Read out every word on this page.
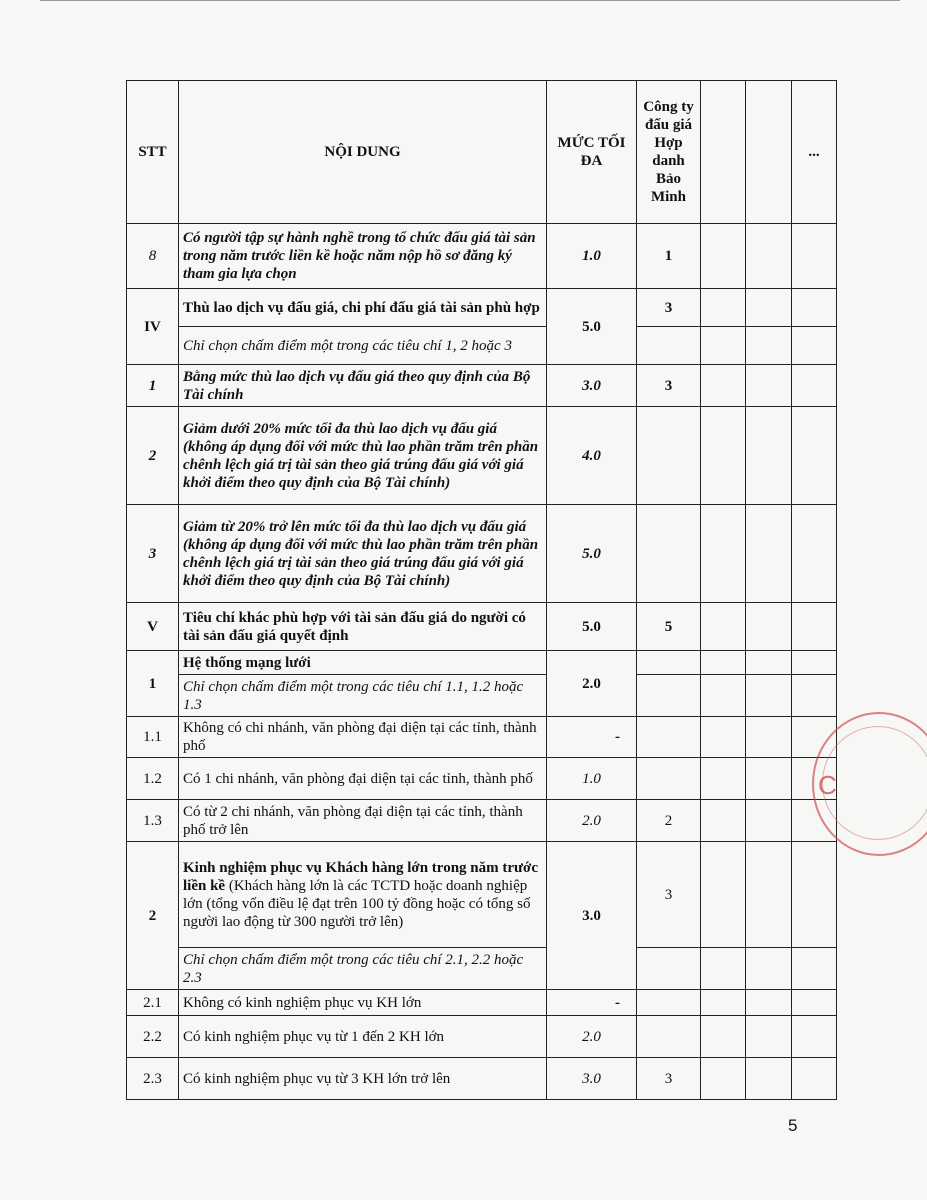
STT	NỘI DUNG	MỨC TỐI ĐA	Công ty đấu giá Hợp danh Bảo Minh			...
8	Có người tập sự hành nghề trong tổ chức đấu giá tài sản trong năm trước liền kề hoặc năm nộp hồ sơ đăng ký tham gia lựa chọn	1.0	1			
IV	Thù lao dịch vụ đấu giá, chi phí đấu giá tài sản phù hợp	5.0	3			
	Chỉ chọn chấm điểm một trong các tiêu chí 1, 2 hoặc 3					
1	Bằng mức thù lao dịch vụ đấu giá theo quy định của Bộ Tài chính	3.0	3			
2	Giảm dưới 20% mức tối đa thù lao dịch vụ đấu giá (không áp dụng đối với mức thù lao phần trăm trên phần chênh lệch giá trị tài sản theo giá trúng đấu giá với giá khởi điểm theo quy định của Bộ Tài chính)	4.0				
3	Giảm từ 20% trở lên mức tối đa thù lao dịch vụ đấu giá (không áp dụng đối với mức thù lao phần trăm trên phần chênh lệch giá trị tài sản theo giá trúng đấu giá với giá khởi điểm theo quy định của Bộ Tài chính)	5.0				
V	Tiêu chí khác phù hợp với tài sản đấu giá do người có tài sản đấu giá quyết định	5.0	5			
1	Hệ thống mạng lưới	2.0				
	Chỉ chọn chấm điểm một trong các tiêu chí 1.1, 1.2 hoặc 1.3					
1.1	Không có chi nhánh, văn phòng đại diện tại các tỉnh, thành phố	-				
1.2	Có 1 chi nhánh, văn phòng đại diện tại các tỉnh, thành phố	1.0				
1.3	Có từ 2 chi nhánh, văn phòng đại diện tại các tỉnh, thành phố trở lên	2.0	2			
2	Kinh nghiệm phục vụ Khách hàng lớn trong năm trước liền kề (Khách hàng lớn là các TCTD hoặc doanh nghiệp lớn (tổng vốn điều lệ đạt trên 100 tỷ đồng hoặc có tổng số người lao động từ 300 người trở lên)	3.0	3			
	Chỉ chọn chấm điểm một trong các tiêu chí 2.1, 2.2 hoặc 2.3					
2.1	Không có kinh nghiệm phục vụ KH lớn	-				
2.2	Có kinh nghiệm phục vụ từ 1 đến 2 KH lớn	2.0				
2.3	Có kinh nghiệm phục vụ từ 3 KH lớn trở lên	3.0	3			
C
5
